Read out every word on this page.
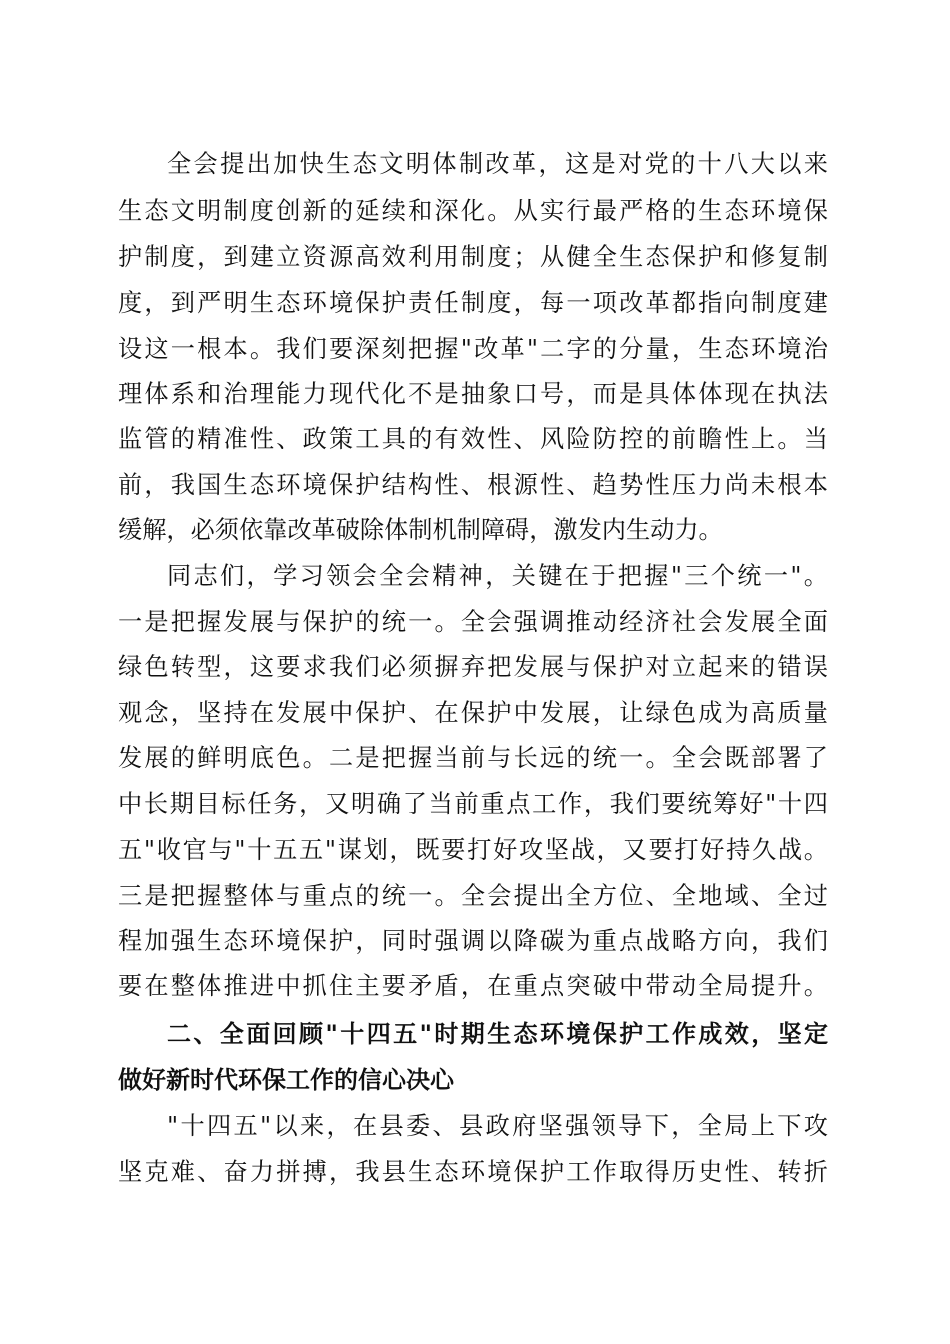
全会提出加快生态文明体制改革，这是对党的十八大以来
生态文明制度创新的延续和深化。从实行最严格的生态环境保
护制度，到建立资源高效利用制度；从健全生态保护和修复制
度，到严明生态环境保护责任制度，每一项改革都指向制度建
设这一根本。我们要深刻把握"改革"二字的分量，生态环境治
理体系和治理能力现代化不是抽象口号，而是具体体现在执法
监管的精准性、政策工具的有效性、风险防控的前瞻性上。当
前，我国生态环境保护结构性、根源性、趋势性压力尚未根本
缓解，必须依靠改革破除体制机制障碍，激发内生动力。
同志们，学习领会全会精神，关键在于把握"三个统一"。
一是把握发展与保护的统一。全会强调推动经济社会发展全面
绿色转型，这要求我们必须摒弃把发展与保护对立起来的错误
观念，坚持在发展中保护、在保护中发展，让绿色成为高质量
发展的鲜明底色。二是把握当前与长远的统一。全会既部署了
中长期目标任务，又明确了当前重点工作，我们要统筹好"十四
五"收官与"十五五"谋划，既要打好攻坚战，又要打好持久战。
三是把握整体与重点的统一。全会提出全方位、全地域、全过
程加强生态环境保护，同时强调以降碳为重点战略方向，我们
要在整体推进中抓住主要矛盾，在重点突破中带动全局提升。
二、全面回顾"十四五"时期生态环境保护工作成效，坚定
做好新时代环保工作的信心决心
"十四五"以来，在县委、县政府坚强领导下，全局上下攻
坚克难、奋力拼搏，我县生态环境保护工作取得历史性、转折
